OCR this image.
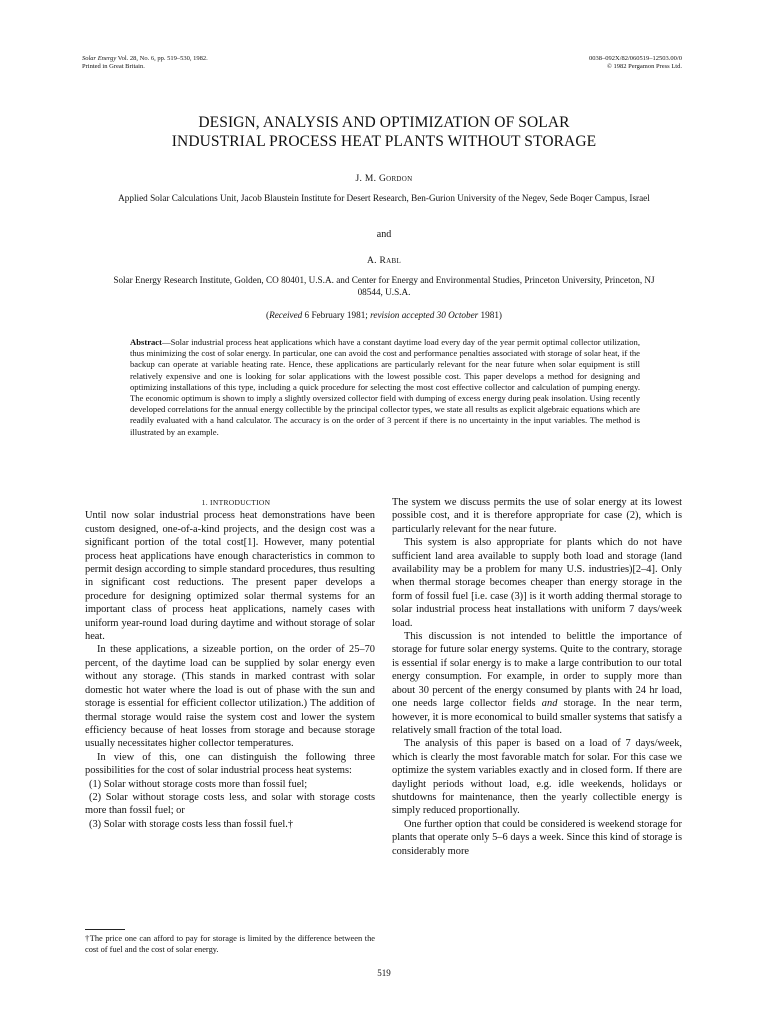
Solar Energy Vol. 28, No. 6, pp. 519–530, 1982.
Printed in Great Britain.
0038–092X/82/060519–12503.00/0
© 1982 Pergamon Press Ltd.
DESIGN, ANALYSIS AND OPTIMIZATION OF SOLAR
INDUSTRIAL PROCESS HEAT PLANTS WITHOUT STORAGE
J. M. Gordon
Applied Solar Calculations Unit, Jacob Blaustein Institute for Desert Research, Ben-Gurion University of the Negev, Sede Boqer Campus, Israel
and
A. Rabl
Solar Energy Research Institute, Golden, CO 80401, U.S.A. and Center for Energy and Environmental Studies, Princeton University, Princeton, NJ 08544, U.S.A.
(Received 6 February 1981; revision accepted 30 October 1981)
Abstract—Solar industrial process heat applications which have a constant daytime load every day of the year permit optimal collector utilization, thus minimizing the cost of solar energy. In particular, one can avoid the cost and performance penalties associated with storage of solar heat, if the backup can operate at variable heating rate. Hence, these applications are particularly relevant for the near future when solar equipment is still relatively expensive and one is looking for solar applications with the lowest possible cost. This paper develops a method for designing and optimizing installations of this type, including a quick procedure for selecting the most cost effective collector and calculation of pumping energy. The economic optimum is shown to imply a slightly oversized collector field with dumping of excess energy during peak insolation. Using recently developed correlations for the annual energy collectible by the principal collector types, we state all results as explicit algebraic equations which are readily evaluated with a hand calculator. The accuracy is on the order of 3 percent if there is no uncertainty in the input variables. The method is illustrated by an example.

1. INTRODUCTION

Until now solar industrial process heat demonstrations have been custom designed, one-of-a-kind projects, and the design cost was a significant portion of the total cost[1]. However, many potential process heat applications have enough characteristics in common to permit design according to simple standard procedures, thus resulting in significant cost reductions. The present paper develops a procedure for designing optimized solar thermal systems for an important class of process heat applications, namely cases with uniform year-round load during daytime and without storage of solar heat.

In these applications, a sizeable portion, on the order of 25–70 percent, of the daytime load can be supplied by solar energy even without any storage. (This stands in marked contrast with solar domestic hot water where the load is out of phase with the sun and storage is essential for efficient collector utilization.) The addition of thermal storage would raise the system cost and lower the system efficiency because of heat losses from storage and because storage usually necessitates higher collector temperatures.

In view of this, one can distinguish the following three possibilities for the cost of solar industrial process heat systems:

(1) Solar without storage costs more than fossil fuel;

(2) Solar without storage costs less, and solar with storage costs more than fossil fuel; or

(3) Solar with storage costs less than fossil fuel.†

†The price one can afford to pay for storage is limited by the difference between the cost of fuel and the cost of solar energy.

The system we discuss permits the use of solar energy at its lowest possible cost, and it is therefore appropriate for case (2), which is particularly relevant for the near future.

This system is also appropriate for plants which do not have sufficient land area available to supply both load and storage (land availability may be a problem for many U.S. industries)[2–4]. Only when thermal storage becomes cheaper than energy storage in the form of fossil fuel [i.e. case (3)] is it worth adding thermal storage to solar industrial process heat installations with uniform 7 days/week load.

This discussion is not intended to belittle the importance of storage for future solar energy systems. Quite to the contrary, storage is essential if solar energy is to make a large contribution to our total energy consumption. For example, in order to supply more than about 30 percent of the energy consumed by plants with 24 hr load, one needs large collector fields and storage. In the near term, however, it is more economical to build smaller systems that satisfy a relatively small fraction of the total load.

The analysis of this paper is based on a load of 7 days/week, which is clearly the most favorable match for solar. For this case we optimize the system variables exactly and in closed form. If there are daylight periods without load, e.g. idle weekends, holidays or shutdowns for maintenance, then the yearly collectible energy is simply reduced proportionally.

One further option that could be considered is weekend storage for plants that operate only 5–6 days a week. Since this kind of storage is considerably more

519
